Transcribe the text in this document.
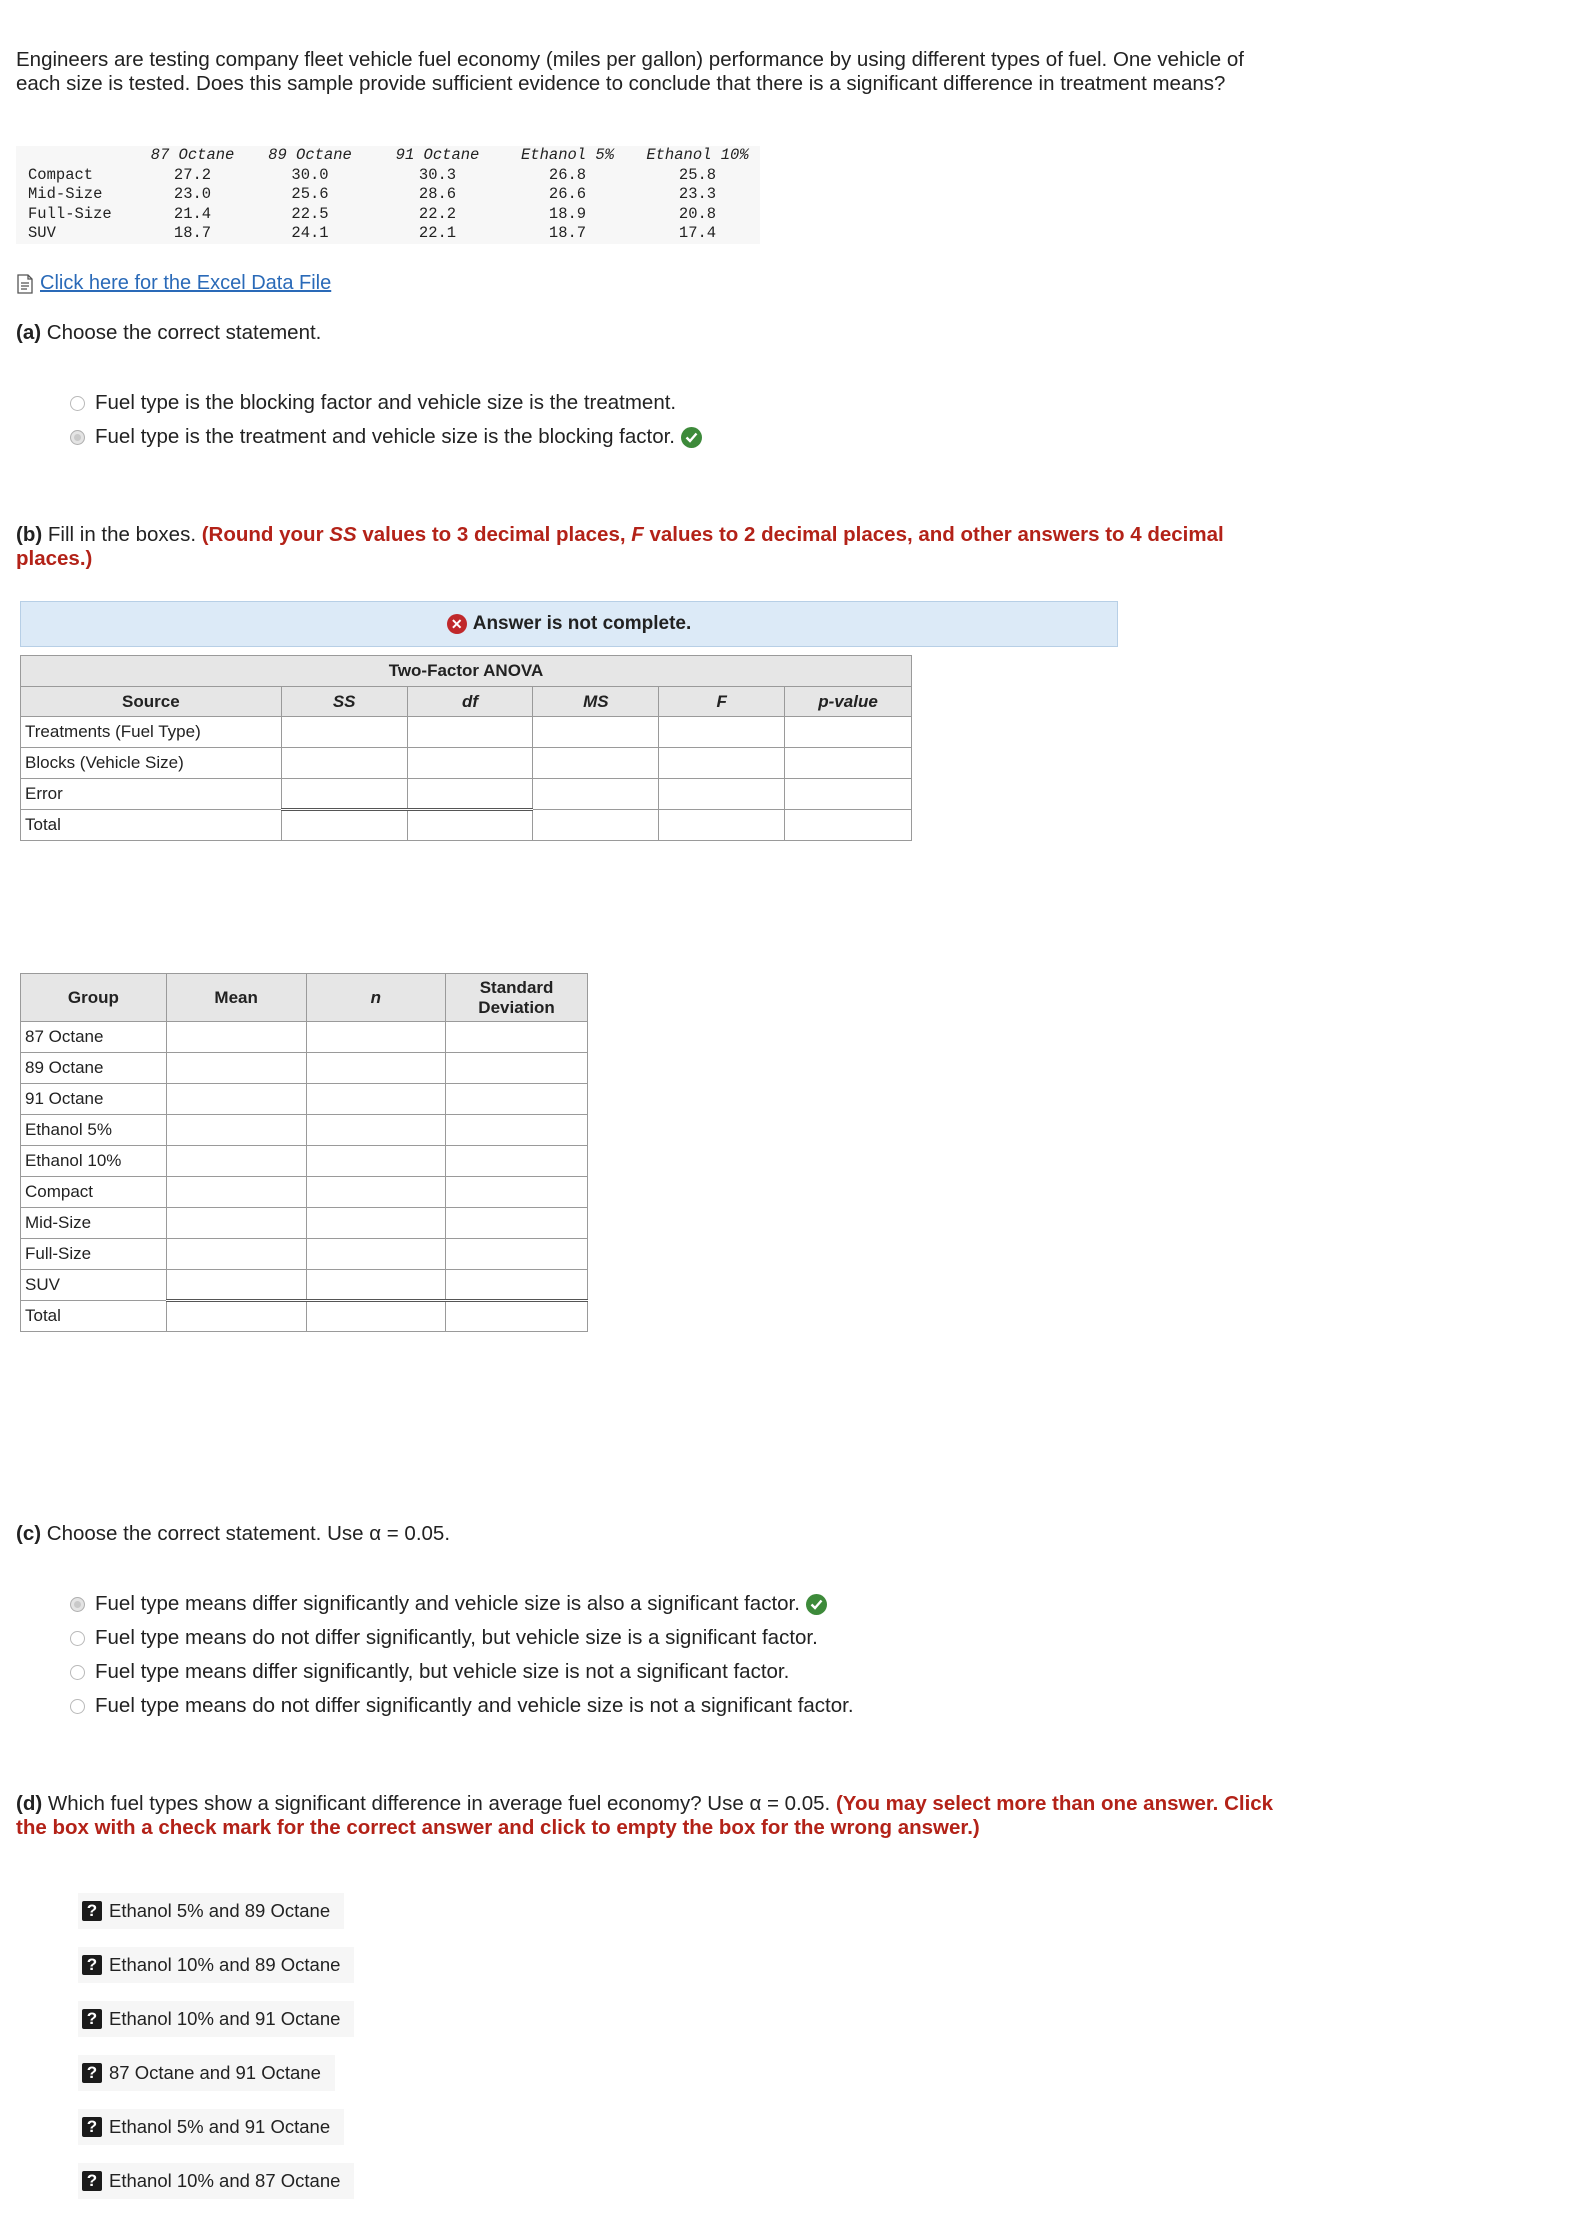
Engineers are testing company fleet vehicle fuel economy (miles per gallon) performance by using different types of fuel. One vehicle of each size is tested. Does this sample provide sufficient evidence to conclude that there is a significant difference in treatment means?
	87 Octane	89 Octane	91 Octane	Ethanol 5%	Ethanol 10%
Compact	27.2	30.0	30.3	26.8	25.8
Mid-Size	23.0	25.6	28.6	26.6	23.3
Full-Size	21.4	22.5	22.2	18.9	20.8
SUV	18.7	24.1	22.1	18.7	17.4
Click here for the Excel Data File
(a) Choose the correct statement.
Fuel type is the blocking factor and vehicle size is the treatment.
Fuel type is the treatment and vehicle size is the blocking factor.
(b) Fill in the boxes. (Round your SS values to 3 decimal places, F values to 2 decimal places, and other answers to 4 decimal places.)
✕ Answer is not complete.
Two-Factor ANOVA					
Source	SS	df	MS	F	p-value
Treatments (Fuel Type)					
Blocks (Vehicle Size)					
Error					
Total					
Group	Mean	n	Standard Deviation
87 Octane			
89 Octane			
91 Octane			
Ethanol 5%			
Ethanol 10%			
Compact			
Mid-Size			
Full-Size			
SUV			
Total			
(c) Choose the correct statement. Use α = 0.05.
Fuel type means differ significantly and vehicle size is also a significant factor.
Fuel type means do not differ significantly, but vehicle size is a significant factor.
Fuel type means differ significantly, but vehicle size is not a significant factor.
Fuel type means do not differ significantly and vehicle size is not a significant factor.
(d) Which fuel types show a significant difference in average fuel economy? Use α = 0.05. (You may select more than one answer. Click the box with a check mark for the correct answer and click to empty the box for the wrong answer.)
? Ethanol 5% and 89 Octane
? Ethanol 10% and 89 Octane
? Ethanol 10% and 91 Octane
? 87 Octane and 91 Octane
? Ethanol 5% and 91 Octane
? Ethanol 10% and 87 Octane
